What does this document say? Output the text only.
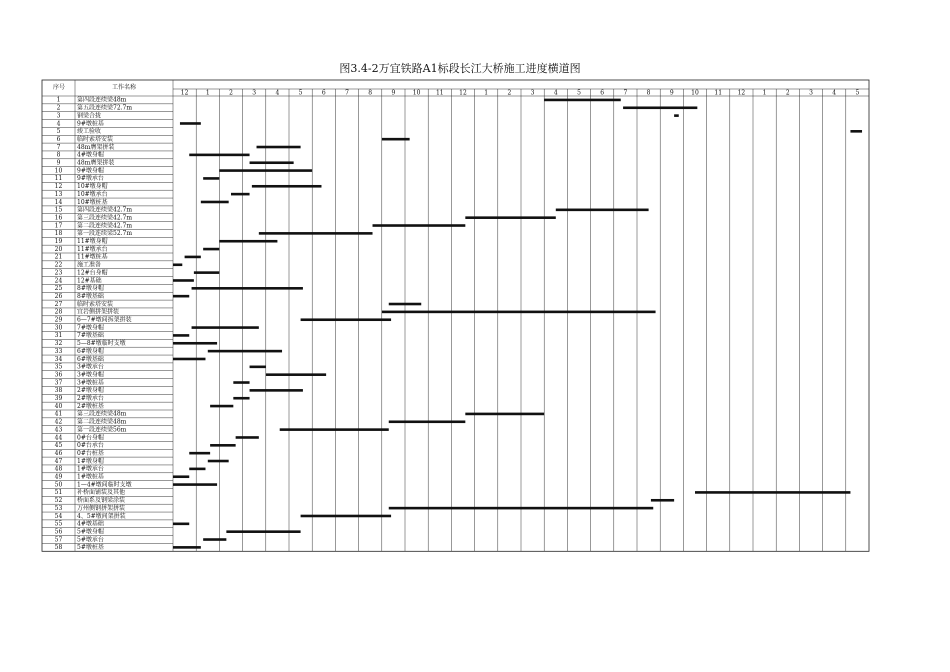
图3.4-2万宜铁路A1标段长江大桥施工进度横道图
序号	工作名称
12	1	2	3	4	5	6	7	8	9	10	11	12	1	2	3	4	5	6	7	8	9	10	11	12	1	2	3	4	5
1	第四段连续梁48m
2	第五段连续梁72.7m
3	钢梁合拢
4	9#墩桩基
5	竣工验收
6	临时索塔安装
7	48m膺架拼装
8	4#墩身帽
9	48m膺架拼装
10 9#墩身帽
11 9#墩承台
12 10#墩身帽
13 10#墩承台
14 10#墩桩基
15 第四段连续梁42.7m
16 第三段连续梁42.7m
17 第二段连续梁42.7m
18 第一段连续梁52.7m
19 11#墩身帽
20 11#墩承台
21 11#墩桩基
22 施工准备
23 12#台身帽
24 12#基础
25 8#墩身帽
26 8#墩基础
27 临时索塔安装
28 宜岩侧拼架拼装
29 6—7#墩间拆架拼装
30 7#墩身帽
31 7#墩基础
32 5—8#墩临时支墩
33 6#墩身帽
34 6#墩基础
35 3#墩承台
36 3#墩身帽
37 3#墩桩基
38 2#墩身帽
39 2#墩承台
40 2#墩桩基
41 第三段连续梁48m
42 第二段连续梁48m
43 第一段连续梁56m
44 0#台身帽
45 0#台承台
46 0#台桩基
47 1#墩身帽
48 1#墩承台
49 1#墩桩基
50 1—4#墩间临时支墩
51 补桥面铺装及其他
52 桥面系及钢梁涂装
53 万州侧钢拼架拼装
54 4、5#墩间架拼装
55 4#墩基础
56 5#墩身帽
57 5#墩承台
58 5#墩桩基
